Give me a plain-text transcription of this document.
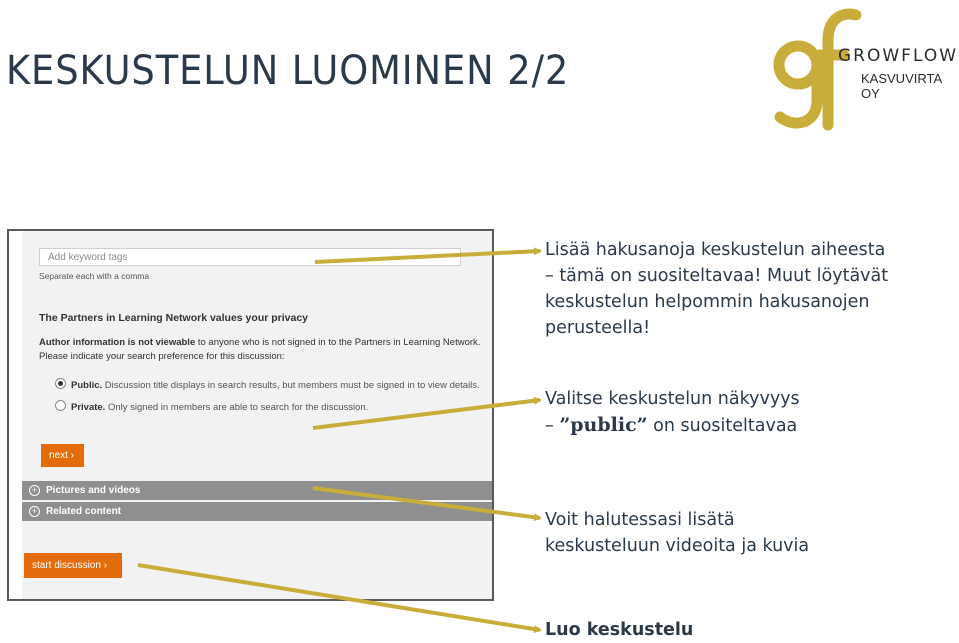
KESKUSTELUN LUOMINEN 2/2	GROWFLOW
KASVUVIRTA OY
Add keyword tags
Separate each with a comma
The Partners in Learning Network values your privacy
Author information is not viewable to anyone who is not signed in to the Partners in Learning Network.
Please indicate your search preference for this discussion:
Public. Discussion title displays in search results, but members must be signed in to view details.
Private. Only signed in members are able to search for the discussion.
next ›
+ Pictures and videos
+ Related content
start discussion ›
Lisää hakusanoja keskustelun aiheesta
– tämä on suositeltavaa! Muut löytävät
keskustelun helpommin hakusanojen
perusteella!
Valitse keskustelun näkyvyys
– ”public” on suositeltavaa
Voit halutessasi lisätä
keskusteluun videoita ja kuvia
Luo keskustelu
